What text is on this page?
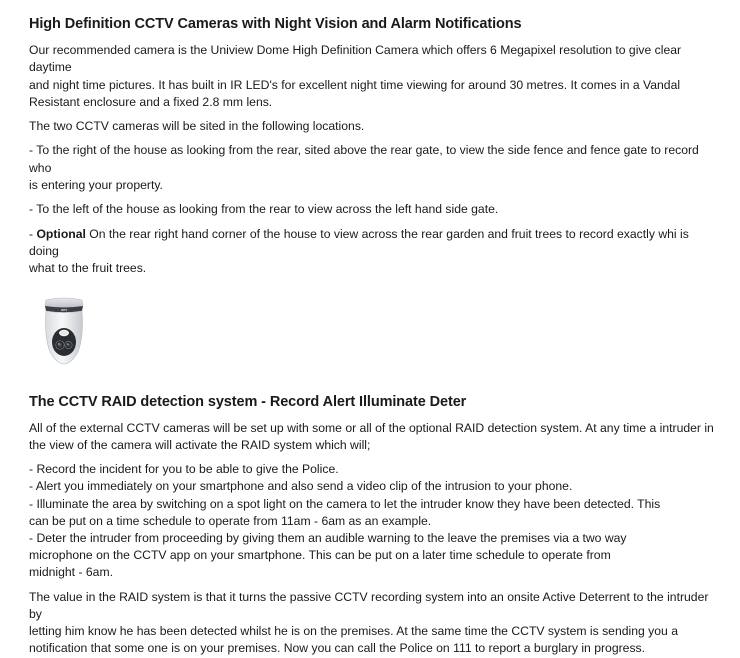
High Definition CCTV Cameras with Night Vision and Alarm Notifications

Our recommended camera is the Uniview Dome High Definition Camera which offers 6 Megapixel resolution to give clear daytime
and night time pictures. It has built in IR LED's for excellent night time viewing for around 30 metres. It comes in a Vandal
Resistant enclosure and a fixed 2.8 mm lens.

The two CCTV cameras will be sited in the following locations.

- To the right of the house as looking from the rear, sited above the rear gate, to view the side fence and fence gate to record who
is entering your property.

- To the left of the house as looking from the rear to view across the left hand side gate.

- Optional On the rear right hand corner of the house to view across the rear garden and fruit trees to record exactly whi is doing
what to the fruit trees.

unv
The CCTV RAID detection system - Record Alert Illuminate Deter

All of the external CCTV cameras will be set up with some or all of the optional RAID detection system. At any time a intruder in
the view of the camera will activate the RAID system which will;

- Record the incident for you to be able to give the Police.

- Alert you immediately on your smartphone and also send a video clip of the intrusion to your phone.

- Illuminate the area by switching on a spot light on the camera to let the intruder know they have been detected. This
can be put on a time schedule to operate from 11am - 6am as an example.

- Deter the intruder from proceeding by giving them an audible warning to the leave the premises via a two way
microphone on the CCTV app on your smartphone. This can be put on a later time schedule to operate from
midnight - 6am.

The value in the RAID system is that it turns the passive CCTV recording system into an onsite Active Deterrent to the intruder by
letting him know he has been detected whilst he is on the premises. At the same time the CCTV system is sending you a
notification that some one is on your premises. Now you can call the Police on 111 to report a burglary in progress.
